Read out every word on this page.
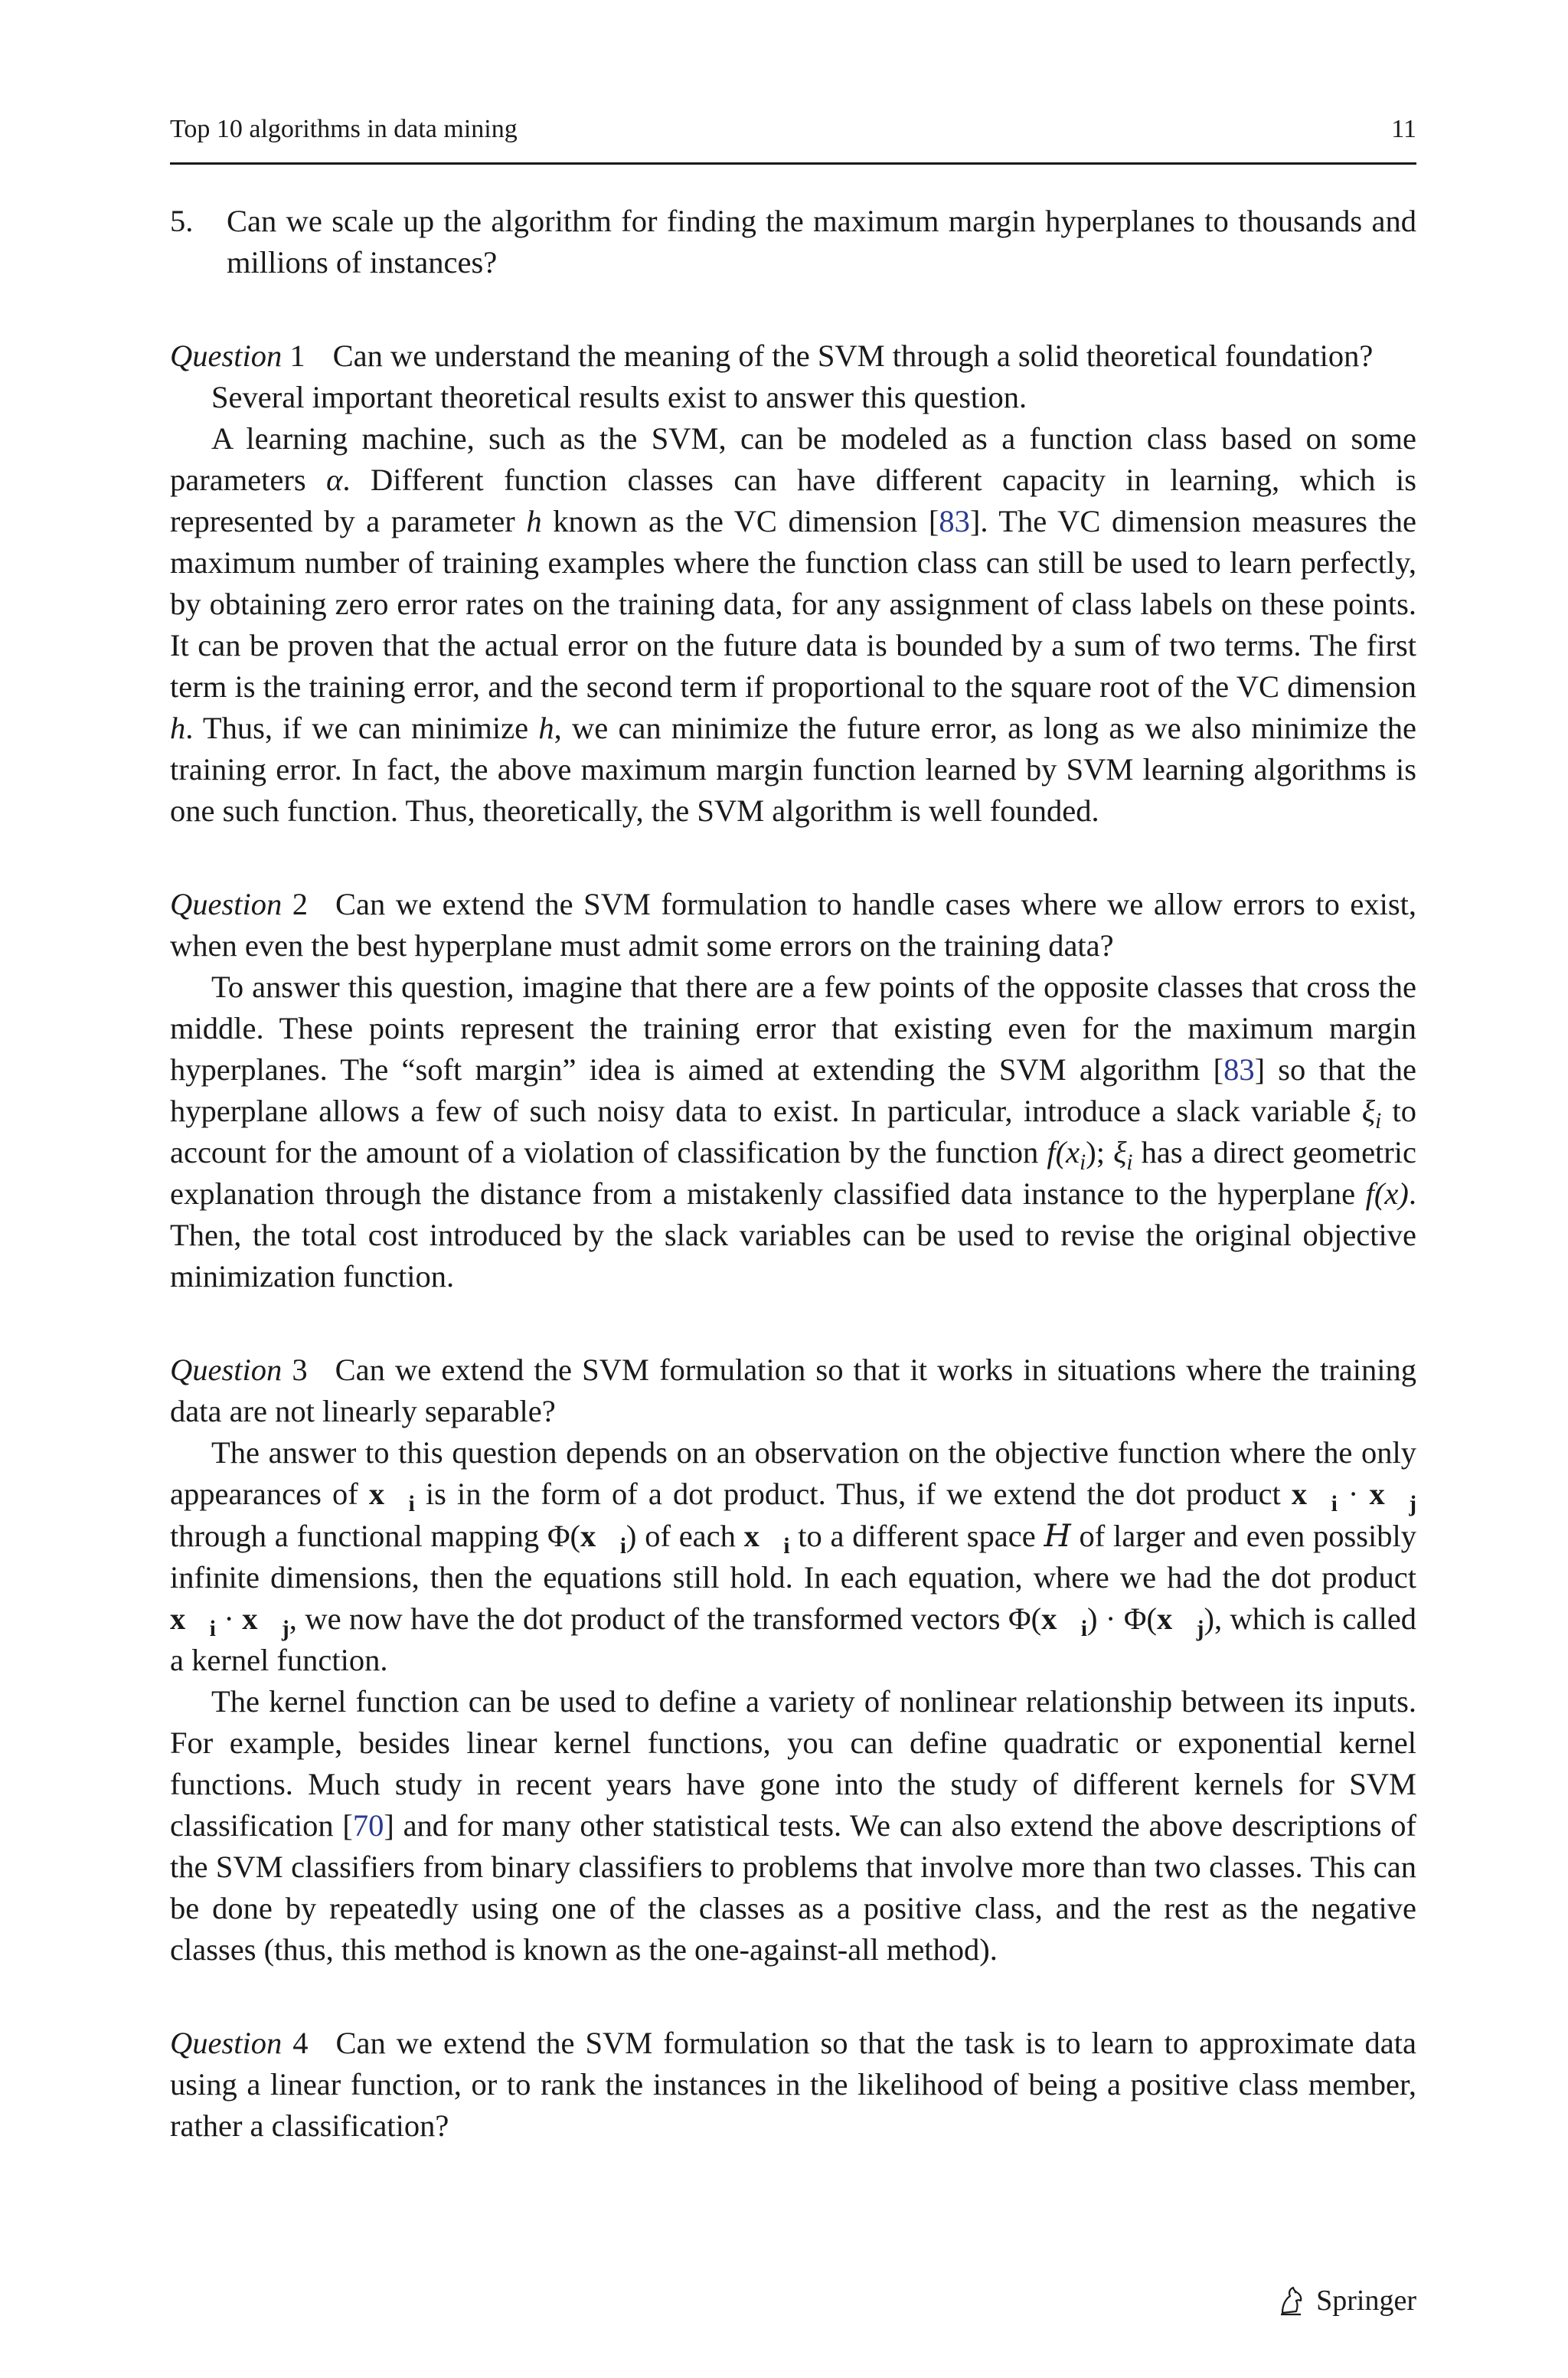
Top 10 algorithms in data mining	11

5. Can we scale up the algorithm for finding the maximum margin hyperplanes to thousands and millions of instances?

Question 1 Can we understand the meaning of the SVM through a solid theoretical foundation?

Several important theoretical results exist to answer this question.

A learning machine, such as the SVM, can be modeled as a function class based on some parameters α. Different function classes can have different capacity in learning, which is represented by a parameter h known as the VC dimension [83]. The VC dimension measures the maximum number of training examples where the function class can still be used to learn perfectly, by obtaining zero error rates on the training data, for any assignment of class labels on these points. It can be proven that the actual error on the future data is bounded by a sum of two terms. The first term is the training error, and the second term if proportional to the square root of the VC dimension h. Thus, if we can minimize h, we can minimize the future error, as long as we also minimize the training error. In fact, the above maximum margin function learned by SVM learning algorithms is one such function. Thus, theoretically, the SVM algorithm is well founded.

Question 2 Can we extend the SVM formulation to handle cases where we allow errors to exist, when even the best hyperplane must admit some errors on the training data?

To answer this question, imagine that there are a few points of the opposite classes that cross the middle. These points represent the training error that existing even for the maximum margin hyperplanes. The “soft margin” idea is aimed at extending the SVM algorithm [83] so that the hyperplane allows a few of such noisy data to exist. In particular, introduce a slack variable $\xi_i$ to account for the amount of a violation of classification by the function $f(x_i)$; $\xi_i$ has a direct geometric explanation through the distance from a mistakenly classified data instance to the hyperplane f(x). Then, the total cost introduced by the slack variables can be used to revise the original objective minimization function.

Question 3 Can we extend the SVM formulation so that it works in situations where the training data are not linearly separable?

The answer to this question depends on an observation on the objective function where the only appearances of $x⃗_i$ is in the form of a dot product. Thus, if we extend the dot product $x⃗_i$ · $x⃗_j$ through a functional mapping $\Phi(x⃗_i)$ of each $x⃗_i$ to a different space H of larger and even possibly infinite dimensions, then the equations still hold. In each equation, where we had the dot product $x⃗_i$ · $x⃗_j$, we now have the dot product of the transformed vectors $\Phi(x⃗_i)$ · $\Phi(x⃗_j)$, which is called a kernel function.

The kernel function can be used to define a variety of nonlinear relationship between its inputs. For example, besides linear kernel functions, you can define quadratic or exponential kernel functions. Much study in recent years have gone into the study of different kernels for SVM classification [70] and for many other statistical tests. We can also extend the above descriptions of the SVM classifiers from binary classifiers to problems that involve more than two classes. This can be done by repeatedly using one of the classes as a positive class, and the rest as the negative classes (thus, this method is known as the one-against-all method).

Question 4 Can we extend the SVM formulation so that the task is to learn to approximate data using a linear function, or to rank the instances in the likelihood of being a positive class member, rather a classification?

Springer
